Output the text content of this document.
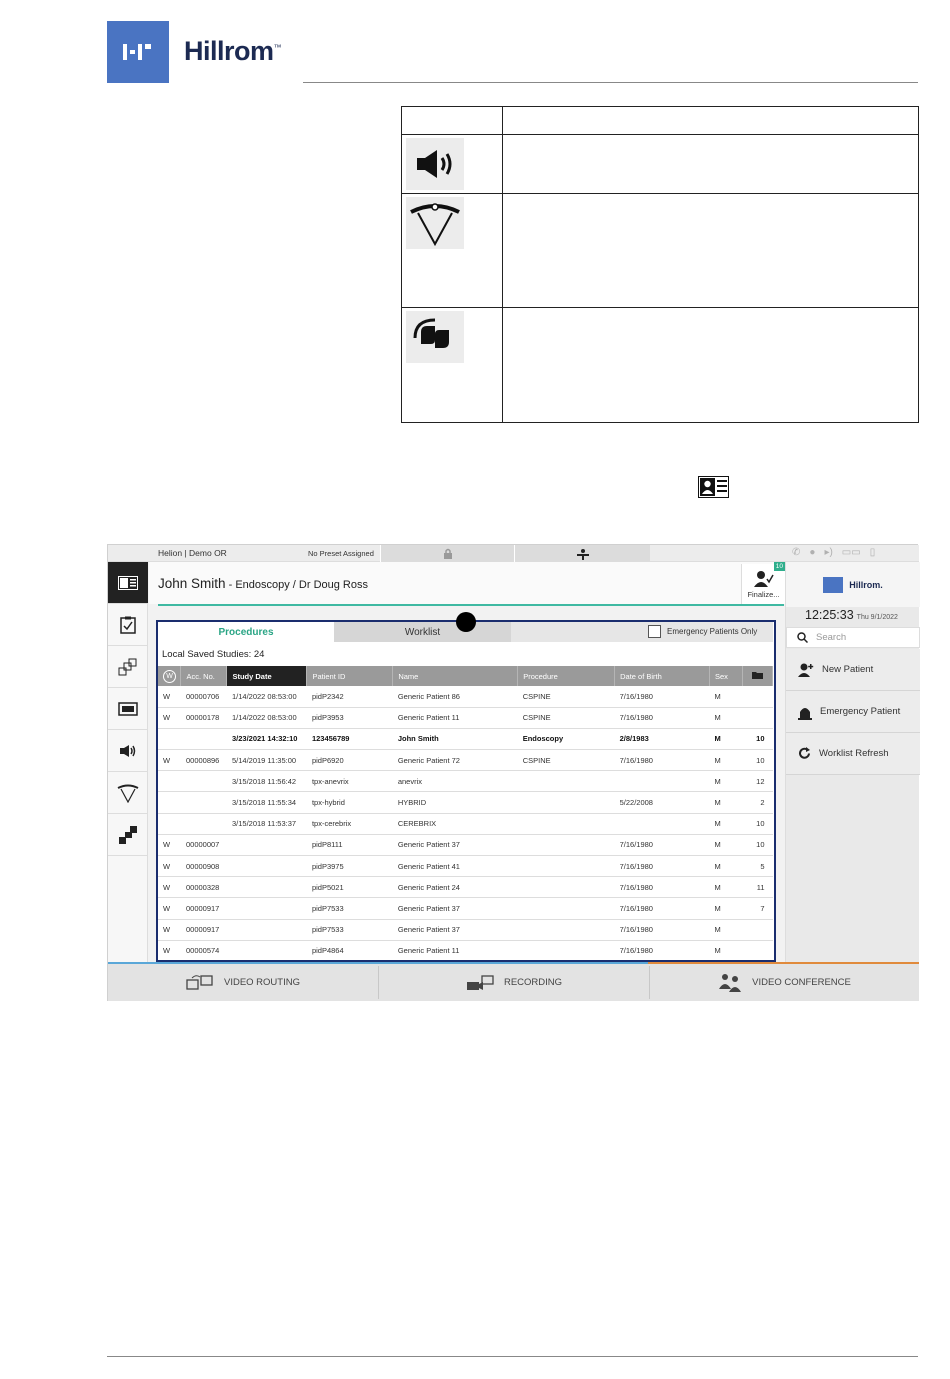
Hillrom™

Helion | Demo OR	No Preset Assigned	✆ ● ▸) ▭▭ ▯
John Smith - Endoscopy / Dr Doug Ross
10
Finalize...
Hillrom.
12:25:33 Thu 9/1/2022
Search
New Patient
Emergency Patient
Worklist Refresh
Procedures	Worklist	Emergency Patients Only
Local Saved Studies: 24
W	Acc. No.	Study Date	Patient ID	Name	Procedure	Date of Birth	Sex	
W	00000706	1/14/2022 08:53:00	pidP2342	Generic Patient 86	CSPINE	7/16/1980	M	
W	00000178	1/14/2022 08:53:00	pidP3953	Generic Patient 11	CSPINE	7/16/1980	M	
		3/23/2021 14:32:10	123456789	John Smith	Endoscopy	2/8/1983	M	10
W	00000896	5/14/2019 11:35:00	pidP6920	Generic Patient 72	CSPINE	7/16/1980	M	10
		3/15/2018 11:56:42	tpx-anevrix	anevrix			M	12
		3/15/2018 11:55:34	tpx-hybrid	HYBRID		5/22/2008	M	2
		3/15/2018 11:53:37	tpx-cerebrix	CEREBRIX			M	10
W	00000007		pidP8111	Generic Patient 37		7/16/1980	M	10
W	00000908		pidP3975	Generic Patient 41		7/16/1980	M	5
W	00000328		pidP5021	Generic Patient 24		7/16/1980	M	11
W	00000917		pidP7533	Generic Patient 37		7/16/1980	M	7
W	00000917		pidP7533	Generic Patient 37		7/16/1980	M	
W	00000574		pidP4864	Generic Patient 11		7/16/1980	M	
VIDEO ROUTING	RECORDING	VIDEO CONFERENCE
